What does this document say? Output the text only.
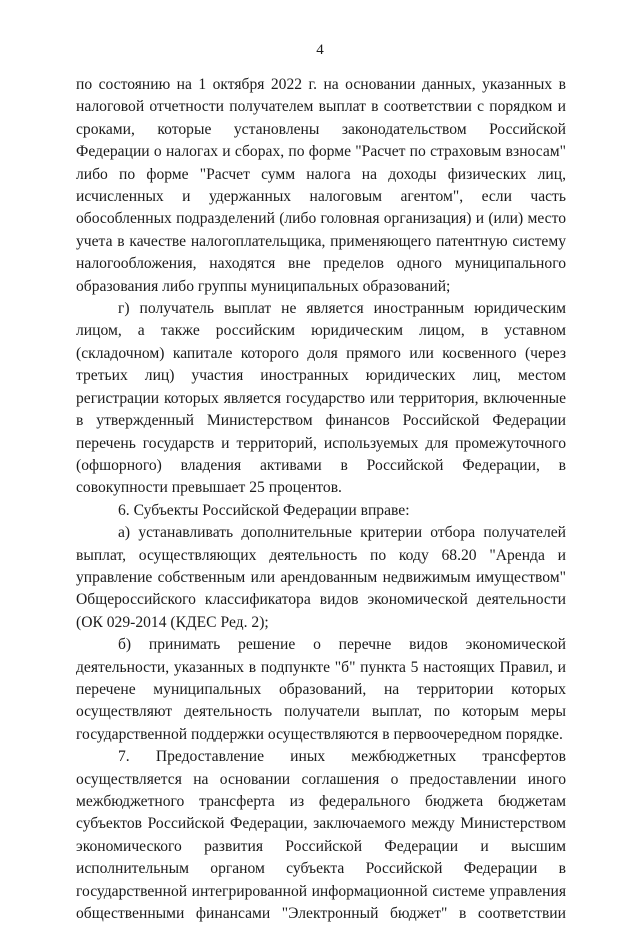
4

по состоянию на 1 октября 2022 г. на основании данных, указанных в налоговой отчетности получателем выплат в соответствии с порядком и сроками, которые установлены законодательством Российской Федерации о налогах и сборах, по форме "Расчет по страховым взносам" либо по форме "Расчет сумм налога на доходы физических лиц, исчисленных и удержанных налоговым агентом", если часть обособленных подразделений (либо головная организация) и (или) место учета в качестве налогоплательщика, применяющего патентную систему налогообложения, находятся вне пределов одного муниципального образования либо группы муниципальных образований;

г) получатель выплат не является иностранным юридическим лицом, а также российским юридическим лицом, в уставном (складочном) капитале которого доля прямого или косвенного (через третьих лиц) участия иностранных юридических лиц, местом регистрации которых является государство или территория, включенные в утвержденный Министерством финансов Российской Федерации перечень государств и территорий, используемых для промежуточного (офшорного) владения активами в Российской Федерации, в совокупности превышает 25 процентов.

6. Субъекты Российской Федерации вправе:

а) устанавливать дополнительные критерии отбора получателей выплат, осуществляющих деятельность по коду 68.20 "Аренда и управление собственным или арендованным недвижимым имуществом" Общероссийского классификатора видов экономической деятельности (ОК 029-2014 (КДЕС Ред. 2);

б) принимать решение о перечне видов экономической деятельности, указанных в подпункте "б" пункта 5 настоящих Правил, и перечене муниципальных образований, на территории которых осуществляют деятельность получатели выплат, по которым меры государственной поддержки осуществляются в первоочередном порядке.

7. Предоставление иных межбюджетных трансфертов осуществляется на основании соглашения о предоставлении иного межбюджетного трансферта из федерального бюджета бюджетам субъектов Российской Федерации, заключаемого между Министерством экономического развития Российской Федерации и высшим исполнительным органом субъекта Российской Федерации в государственной интегрированной информационной системе управления общественными финансами "Электронный бюджет" в соответствии
